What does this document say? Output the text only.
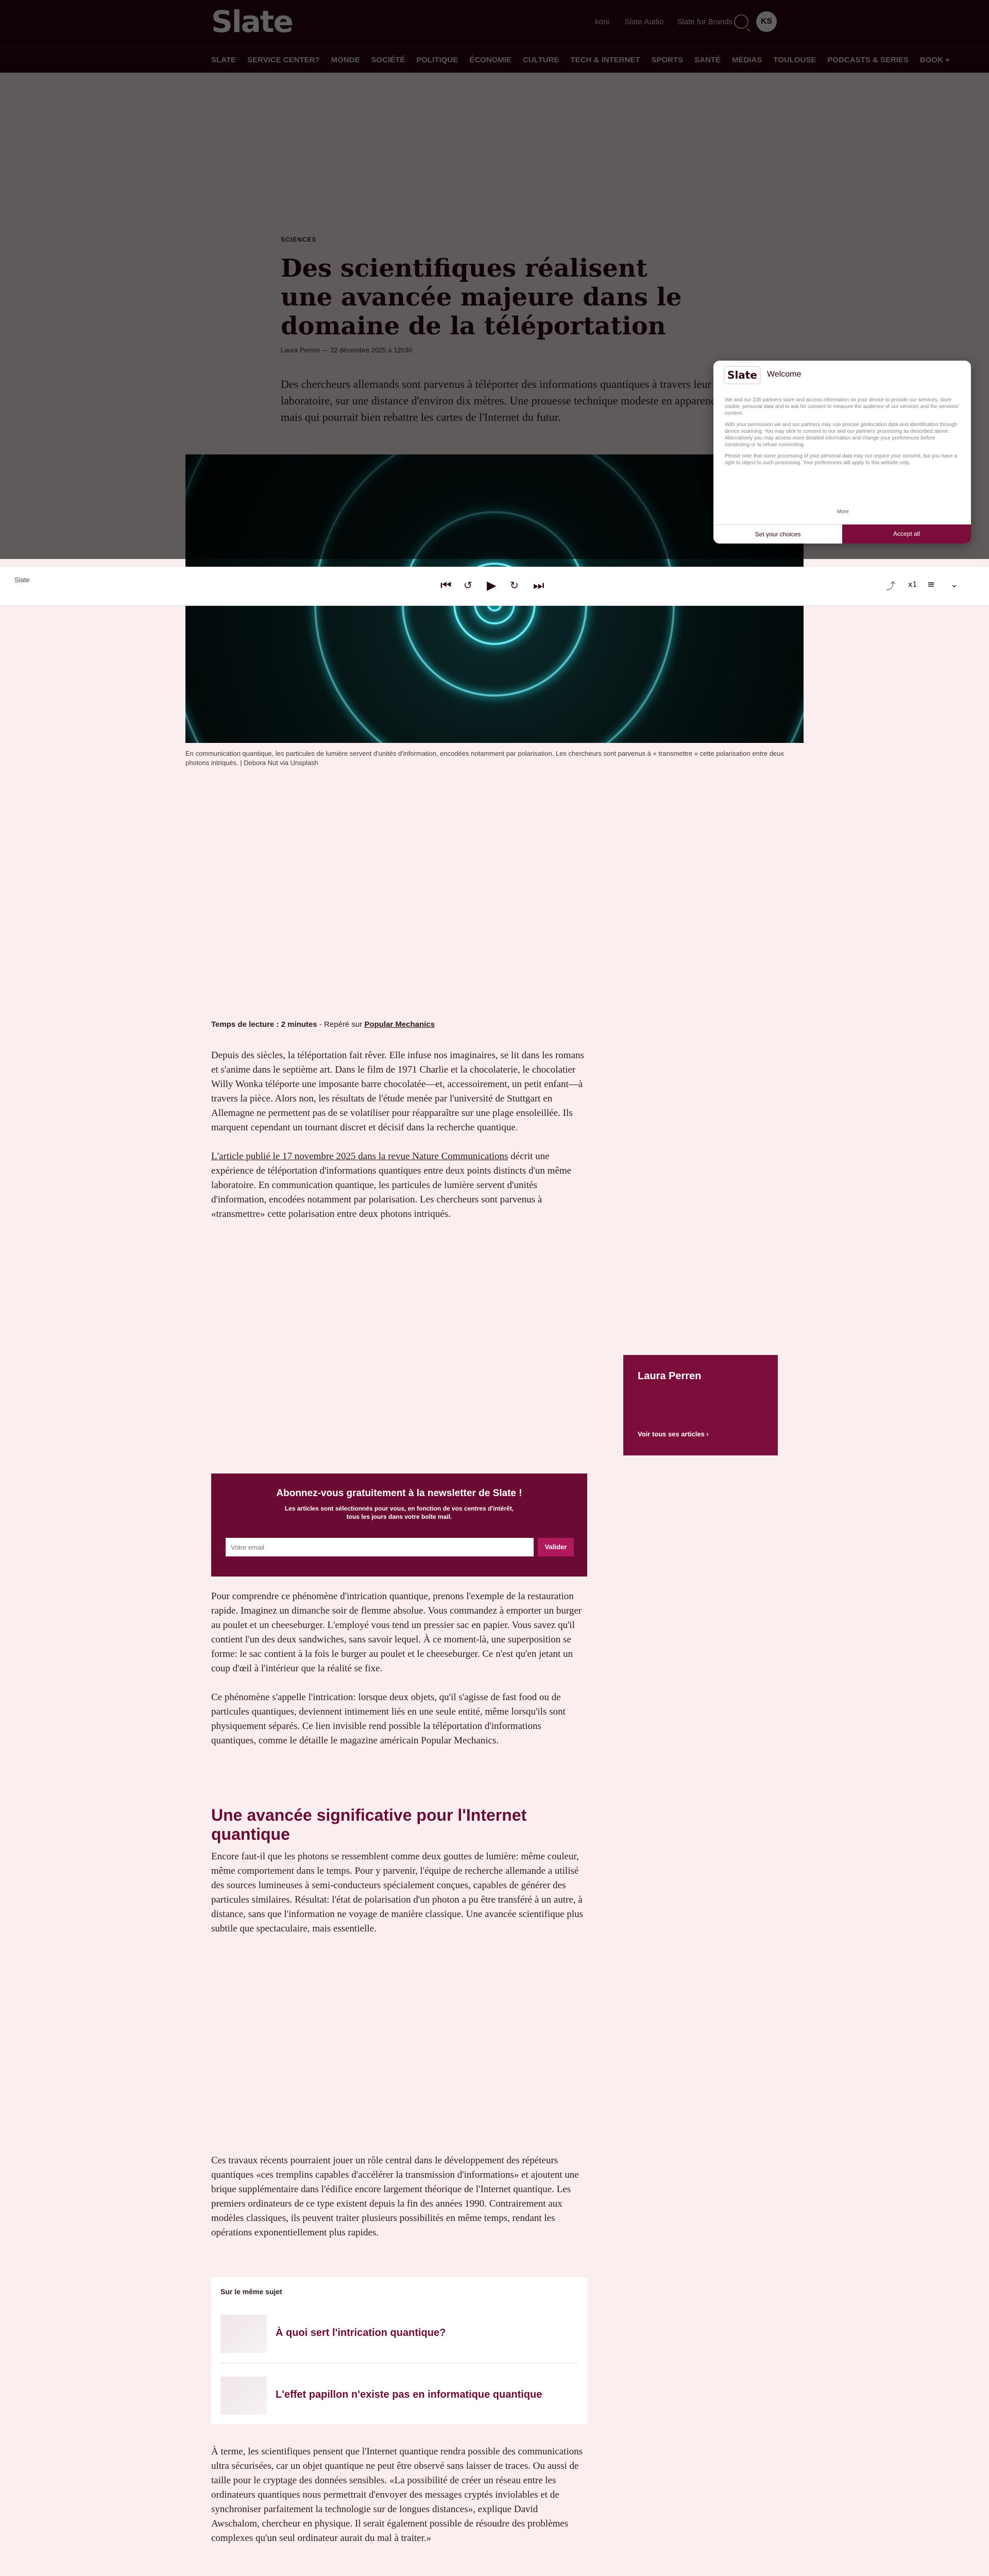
En communication quantique, les particules de lumière servent d'unités d'information, encodées notamment par polarisation. Les chercheurs sont parvenus à « transmettre » cette polarisation entre deux photons intriqués. | Debora Nut via Unsplash
Slate	Welcome

We and our 235 partners store and access information on your device to provide our services, store cookie, personal data and to ask for consent to measure the audience of our services and the services' content.

With your permission we and our partners may use precise geolocation data and identification through device scanning. You may click to consent to our and our partners' processing as described above. Alternatively you may access more detailed information and change your preferences before consenting or to refuse consenting.

Please note that some processing of your personal data may not require your consent, but you have a right to object to such processing. Your preferences will apply to this website only.

More
Set your choices	Accept all
Slate	⏮ ↺ ▶ ↻ ⏭	⤴ x1 ≡ ⌄
Temps de lecture : 2 minutes - Repéré sur Popular Mechanics

Depuis des siècles, la téléportation fait rêver. Elle infuse nos imaginaires, se lit dans les romans et s'anime dans le septième art. Dans le film de 1971 Charlie et la chocolaterie, le chocolatier Willy Wonka téléporte une imposante barre chocolatée—et, accessoirement, un petit enfant—à travers la pièce. Alors non, les résultats de l'étude menée par l'université de Stuttgart en Allemagne ne permettent pas de se volatiliser pour réapparaître sur une plage ensoleillée. Ils marquent cependant un tournant discret et décisif dans la recherche quantique.

L'article publié le 17 novembre 2025 dans la revue Nature Communications décrit une expérience de téléportation d'informations quantiques entre deux points distincts d'un même laboratoire. En communication quantique, les particules de lumière servent d'unités d'information, encodées notamment par polarisation. Les chercheurs sont parvenus à «transmettre» cette polarisation entre deux photons intriqués.

Laura Perren
Voir tous ses articles ›
Abonnez-vous gratuitement à la newsletter de Slate !
Les articles sont sélectionnés pour vous, en fonction de vos centres d'intérêt, tous les jours dans votre boîte mail.
Votre email
Valider

Pour comprendre ce phénomène d'intrication quantique, prenons l'exemple de la restauration rapide. Imaginez un dimanche soir de flemme absolue. Vous commandez à emporter un burger au poulet et un cheeseburger. L'employé vous tend un pressier sac en papier. Vous savez qu'il contient l'un des deux sandwiches, sans savoir lequel. À ce moment-là, une superposition se forme: le sac contient à la fois le burger au poulet et le cheeseburger. Ce n'est qu'en jetant un coup d'œil à l'intérieur que la réalité se fixe.

Ce phénomène s'appelle l'intrication: lorsque deux objets, qu'il s'agisse de fast food ou de particules quantiques, deviennent intimement liés en une seule entité, même lorsqu'ils sont physiquement séparés. Ce lien invisible rend possible la téléportation d'informations quantiques, comme le détaille le magazine américain Popular Mechanics.

Une avancée significative pour l'Internet quantique

Encore faut-il que les photons se ressemblent comme deux gouttes de lumière: même couleur, même comportement dans le temps. Pour y parvenir, l'équipe de recherche allemande a utilisé des sources lumineuses à semi-conducteurs spécialement conçues, capables de générer des particules similaires. Résultat: l'état de polarisation d'un photon a pu être transféré à un autre, à distance, sans que l'information ne voyage de manière classique. Une avancée scientifique plus subtile que spectaculaire, mais essentielle.

Ces travaux récents pourraient jouer un rôle central dans le développement des répéteurs quantiques «ces tremplins capables d'accélérer la transmission d'informations» et ajoutent une brique supplémentaire dans l'édifice encore largement théorique de l'Internet quantique. Les premiers ordinateurs de ce type existent depuis la fin des années 1990. Contrairement aux modèles classiques, ils peuvent traiter plusieurs possibilités en même temps, rendant les opérations exponentiellement plus rapides.

Sur le même sujet
À quoi sert l'intrication quantique?
L'effet papillon n'existe pas en informatique quantique

À terme, les scientifiques pensent que l'Internet quantique rendra possible des communications ultra sécurisées, car un objet quantique ne peut être observé sans laisser de traces. Ou aussi de taille pour le cryptage des données sensibles. «La possibilité de créer un réseau entre les ordinateurs quantiques nous permettrait d'envoyer des messages cryptés inviolables et de synchroniser parfaitement la technologie sur de longues distances», explique David Awschalom, chercheur en physique. Il serait également possible de résoudre des problèmes complexes qu'un seul ordinateur aurait du mal à traiter.»
